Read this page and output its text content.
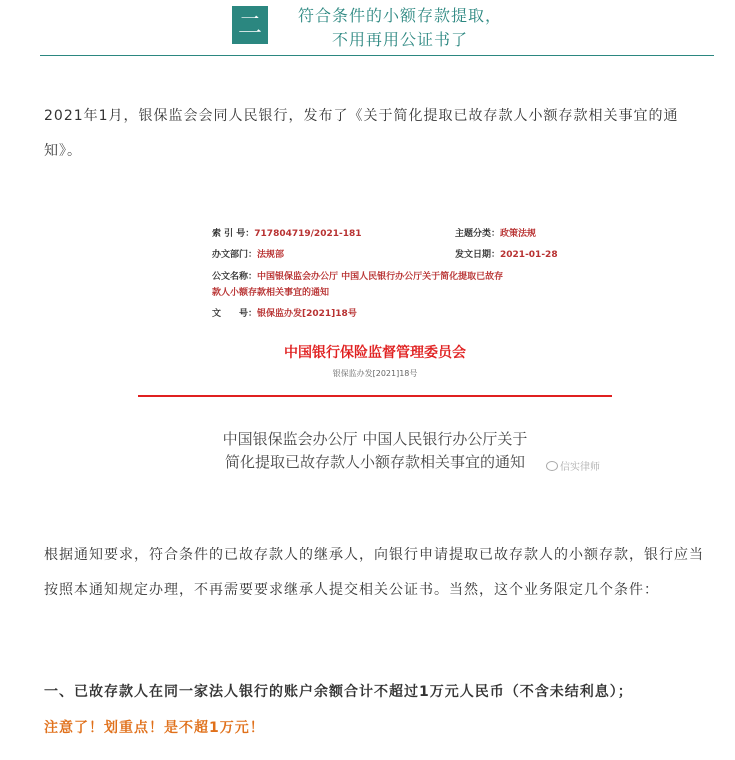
二	符合条件的小额存款提取，
不用再用公证书了

2021年1月，银保监会会同人民银行，发布了《关于简化提取已故存款人小额存款相关事宜的通知》。

索 引 号：717804719/2021-181	主题分类：政策法规
办文部门：法规部	发文日期：2021-01-28
公文名称：中国银保监会办公厅 中国人民银行办公厅关于简化提取已故存款人小额存款相关事宜的通知
文　　号：银保监办发[2021]18号
中国银行保险监督管理委员会
银保监办发[2021]18号
中国银保监会办公厅 中国人民银行办公厅关于
简化提取已故存款人小额存款相关事宜的通知	信实律师

根据通知要求，符合条件的已故存款人的继承人，向银行申请提取已故存款人的小额存款，银行应当按照本通知规定办理，不再需要要求继承人提交相关公证书。当然，这个业务限定几个条件：

一、已故存款人在同一家法人银行的账户余额合计不超过1万元人民币（不含未结利息）；
注意了！划重点！是不超1万元！
